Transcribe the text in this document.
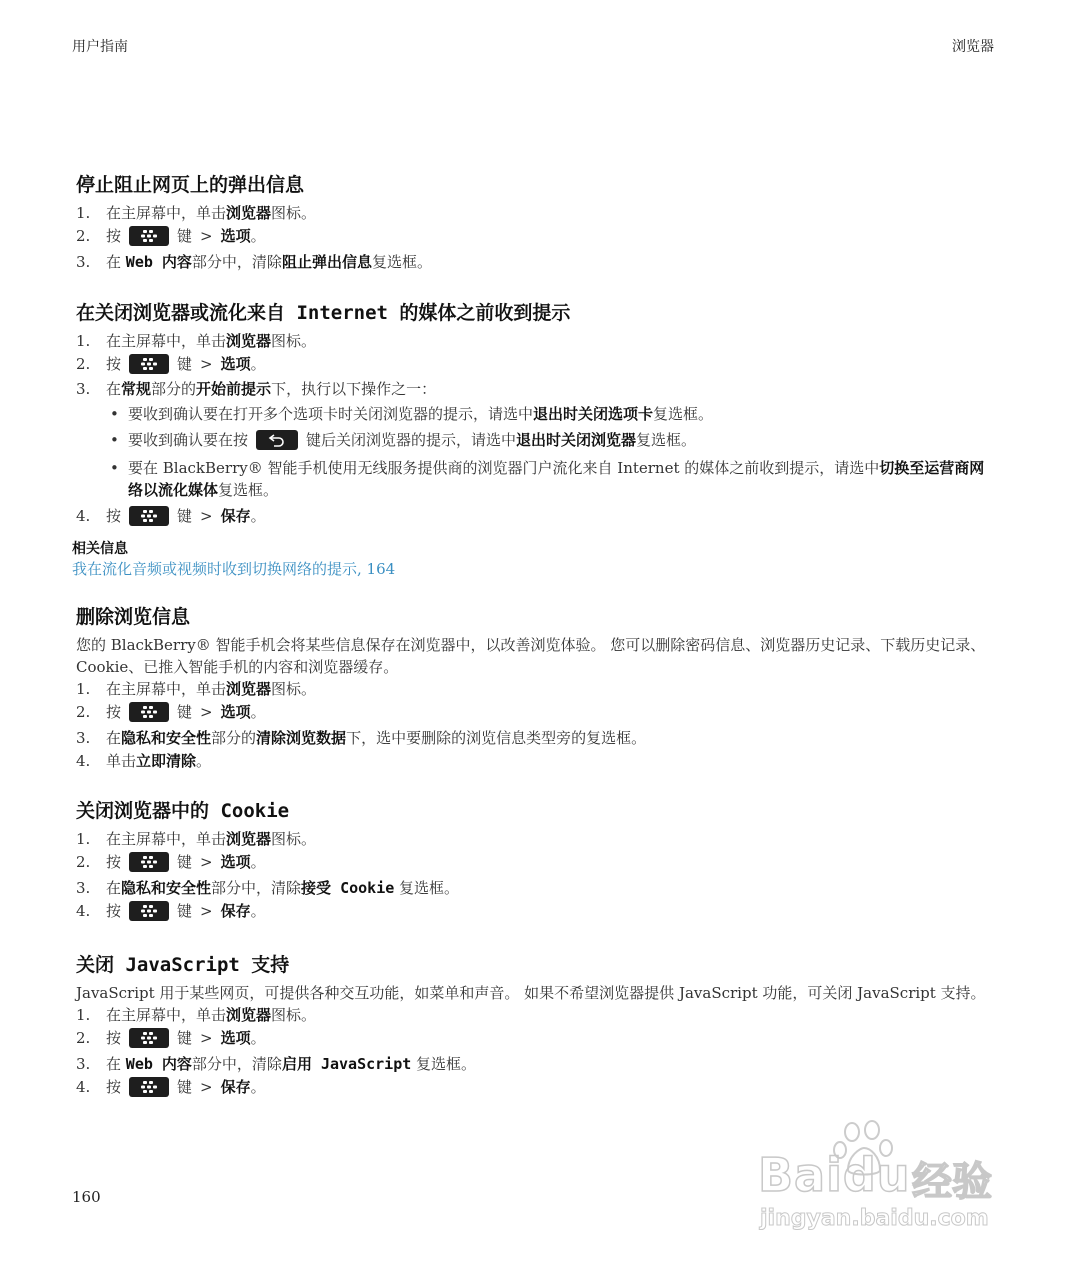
用户指南	浏览器
停止阻止网页上的弹出信息
1. 在主屏幕中，单击浏览器图标。
2. 按	键 > 选项。
3. 在 Web 内容部分中，清除阻止弹出信息复选框。
在关闭浏览器或流化来自 Internet 的媒体之前收到提示
1. 在主屏幕中，单击浏览器图标。
2. 按	键 > 选项。
3. 在常规部分的开始前提示下，执行以下操作之一：
• 要收到确认要在打开多个选项卡时关闭浏览器的提示，请选中退出时关闭选项卡复选框。
• 要收到确认要在按	键后关闭浏览器的提示，请选中退出时关闭浏览器复选框。
• 要在 BlackBerry® 智能手机使用无线服务提供商的浏览器门户流化来自 Internet 的媒体之前收到提示，请选中切换至运营商网络以流化媒体复选框。
4. 按	键 > 保存。
相关信息
我在流化音频或视频时收到切换网络的提示, 164
删除浏览信息

您的 BlackBerry® 智能手机会将某些信息保存在浏览器中，以改善浏览体验。 您可以删除密码信息、浏览器历史记录、下载历史记录、Cookie、已推入智能手机的内容和浏览器缓存。

1. 在主屏幕中，单击浏览器图标。
2. 按	键 > 选项。
3. 在隐私和安全性部分的清除浏览数据下，选中要删除的浏览信息类型旁的复选框。
4. 单击立即清除。
关闭浏览器中的 Cookie
1. 在主屏幕中，单击浏览器图标。
2. 按	键 > 选项。
3. 在隐私和安全性部分中，清除接受 Cookie 复选框。
4. 按	键 > 保存。
关闭 JavaScript 支持

JavaScript 用于某些网页，可提供各种交互功能，如菜单和声音。 如果不希望浏览器提供 JavaScript 功能，可关闭 JavaScript 支持。

1. 在主屏幕中，单击浏览器图标。
2. 按	键 > 选项。
3. 在 Web 内容部分中，清除启用 JavaScript 复选框。
4. 按	键 > 保存。
160	Baidu 经验
jingyan.baidu.com
